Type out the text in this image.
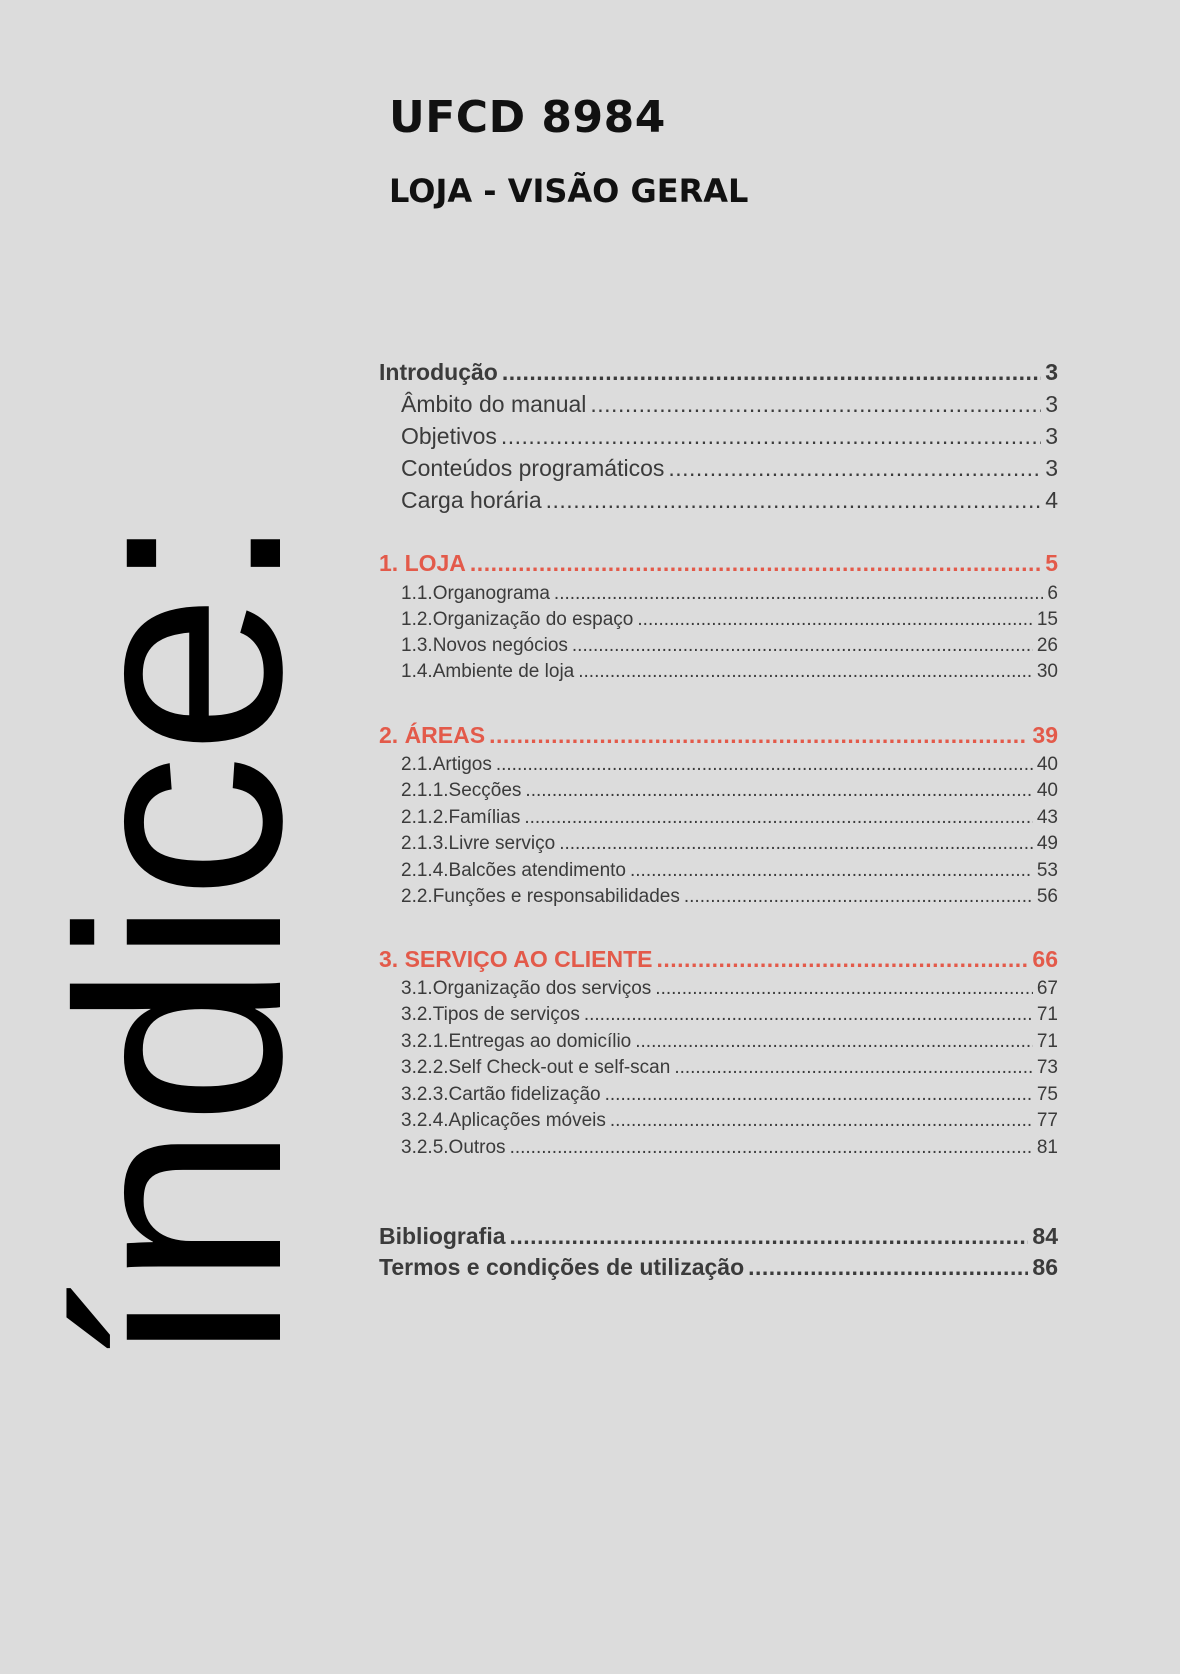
UFCD 8984
LOJA - VISÃO GERAL
índice:
Introdução .....	3
Âmbito do manual .....	3
Objetivos .....	3
Conteúdos programáticos .....	3
Carga horária .....	4
1. LOJA .....	5
1.1.Organograma .....	6
1.2.Organização do espaço .....	15
1.3.Novos negócios .....	26
1.4.Ambiente de loja .....	30
2. ÁREAS .....	39
2.1.Artigos .....	40
2.1.1.Secções .....	40
2.1.2.Famílias .....	43
2.1.3.Livre serviço .....	49
2.1.4.Balcões atendimento .....	53
2.2.Funções e responsabilidades .....	56
3. SERVIÇO AO CLIENTE .....	66
3.1.Organização dos serviços .....	67
3.2.Tipos de serviços .....	71
3.2.1.Entregas ao domicílio .....	71
3.2.2.Self Check-out e self-scan .....	73
3.2.3.Cartão fidelização .....	75
3.2.4.Aplicações móveis .....	77
3.2.5.Outros .....	81
Bibliografia .....	84
Termos e condições de utilização .....	86
